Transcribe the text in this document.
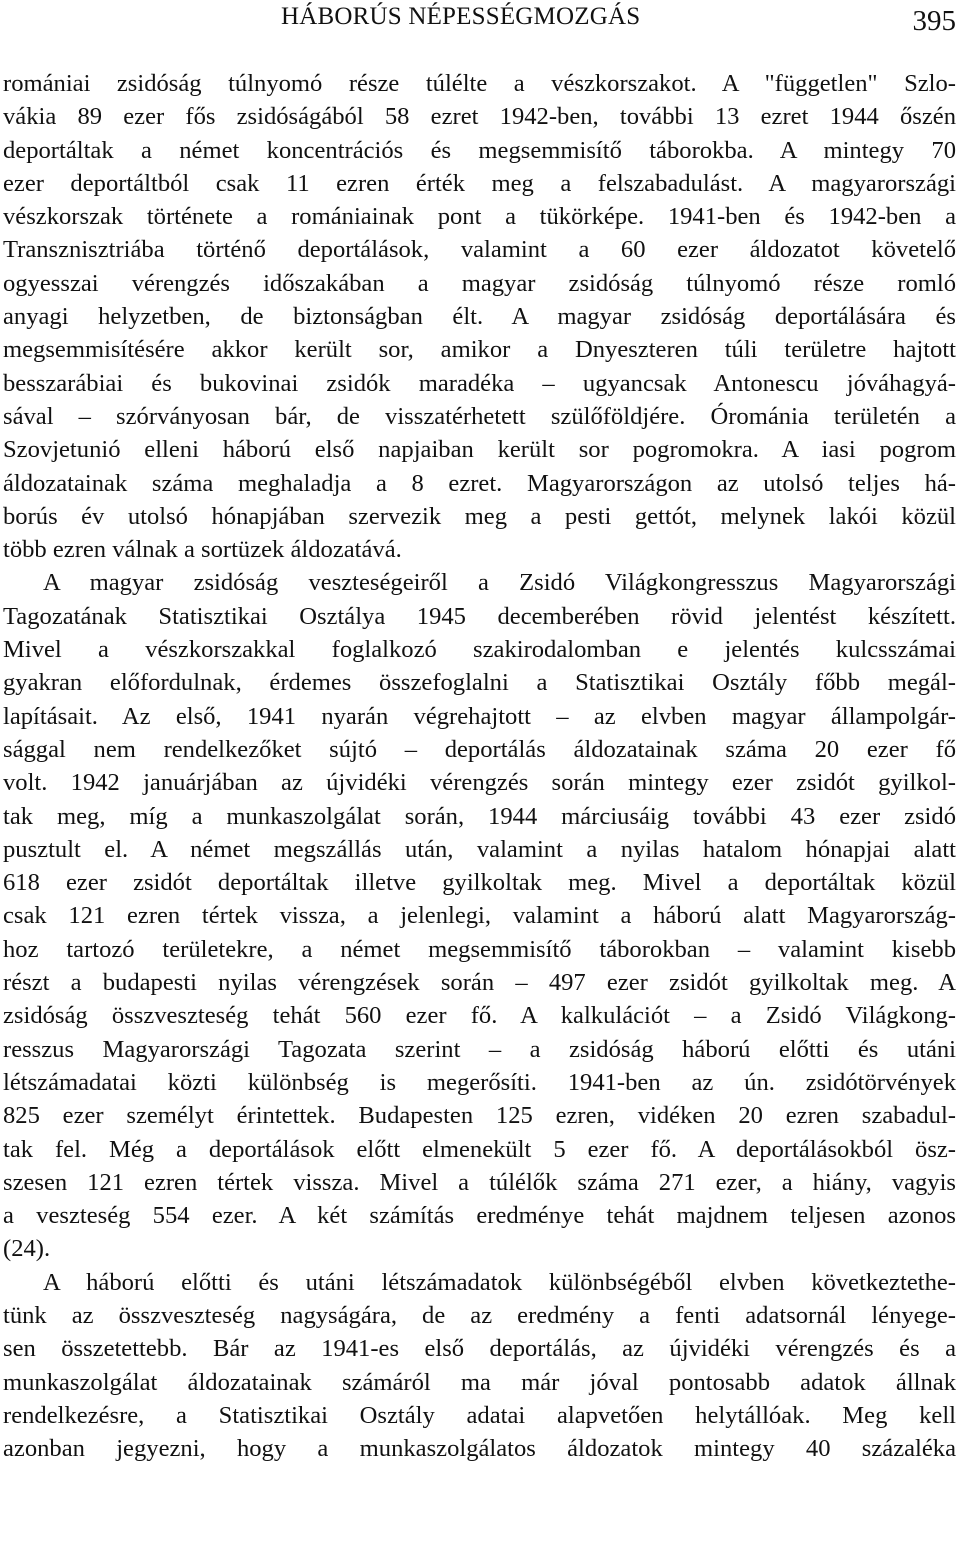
HÁBORÚS NÉPESSÉGMOZGÁS	395
romániai zsidóság túlnyomó része túlélte a vészkorszakot. A "független" Szlo-
vákia 89 ezer fős zsidóságából 58 ezret 1942-ben, további 13 ezret 1944 őszén
deportáltak a német koncentrációs és megsemmisítő táborokba. A mintegy 70
ezer deportáltból csak 11 ezren érték meg a felszabadulást. A magyarországi
vészkorszak története a romániainak pont a tükörképe. 1941-ben és 1942-ben a
Transznisztriába történő deportálások, valamint a 60 ezer áldozatot követelő
ogyesszai vérengzés időszakában a magyar zsidóság túlnyomó része romló
anyagi helyzetben, de biztonságban élt. A magyar zsidóság deportálására és
megsemmisítésére akkor került sor, amikor a Dnyeszteren túli területre hajtott
besszarábiai és bukovinai zsidók maradéka – ugyancsak Antonescu jóváhagyá-
sával – szórványosan bár, de visszatérhetett szülőföldjére. Órománia területén a
Szovjetunió elleni háború első napjaiban került sor pogromokra. A iasi pogrom
áldozatainak száma meghaladja a 8 ezret. Magyarországon az utolsó teljes há-
borús év utolsó hónapjában szervezik meg a pesti gettót, melynek lakói közül
több ezren válnak a sortüzek áldozatává.
A magyar zsidóság veszteségeiről a Zsidó Világkongresszus Magyarországi
Tagozatának Statisztikai Osztálya 1945 decemberében rövid jelentést készített.
Mivel a vészkorszakkal foglalkozó szakirodalomban e jelentés kulcsszámai
gyakran előfordulnak, érdemes összefoglalni a Statisztikai Osztály főbb megál-
lapításait. Az első, 1941 nyarán végrehajtott – az elvben magyar állampolgár-
sággal nem rendelkezőket sújtó – deportálás áldozatainak száma 20 ezer fő
volt. 1942 januárjában az újvidéki vérengzés során mintegy ezer zsidót gyilkol-
tak meg, míg a munkaszolgálat során, 1944 márciusáig további 43 ezer zsidó
pusztult el. A német megszállás után, valamint a nyilas hatalom hónapjai alatt
618 ezer zsidót deportáltak illetve gyilkoltak meg. Mivel a deportáltak közül
csak 121 ezren tértek vissza, a jelenlegi, valamint a háború alatt Magyarország-
hoz tartozó területekre, a német megsemmisítő táborokban – valamint kisebb
részt a budapesti nyilas vérengzések során – 497 ezer zsidót gyilkoltak meg. A
zsidóság összveszteség tehát 560 ezer fő. A kalkulációt – a Zsidó Világkong-
resszus Magyarországi Tagozata szerint – a zsidóság háború előtti és utáni
létszámadatai közti különbség is megerősíti. 1941-ben az ún. zsidótörvények
825 ezer személyt érintettek. Budapesten 125 ezren, vidéken 20 ezren szabadul-
tak fel. Még a deportálások előtt elmenekült 5 ezer fő. A deportálásokból ösz-
szesen 121 ezren tértek vissza. Mivel a túlélők száma 271 ezer, a hiány, vagyis
a veszteség 554 ezer. A két számítás eredménye tehát majdnem teljesen azonos
(24).
A háború előtti és utáni létszámadatok különbségéből elvben következtethe-
tünk az összveszteség nagyságára, de az eredmény a fenti adatsornál lényege-
sen összetettebb. Bár az 1941-es első deportálás, az újvidéki vérengzés és a
munkaszolgálat áldozatainak számáról ma már jóval pontosabb adatok állnak
rendelkezésre, a Statisztikai Osztály adatai alapvetően helytállóak. Meg kell
azonban jegyezni, hogy a munkaszolgálatos áldozatok mintegy 40 százaléka
